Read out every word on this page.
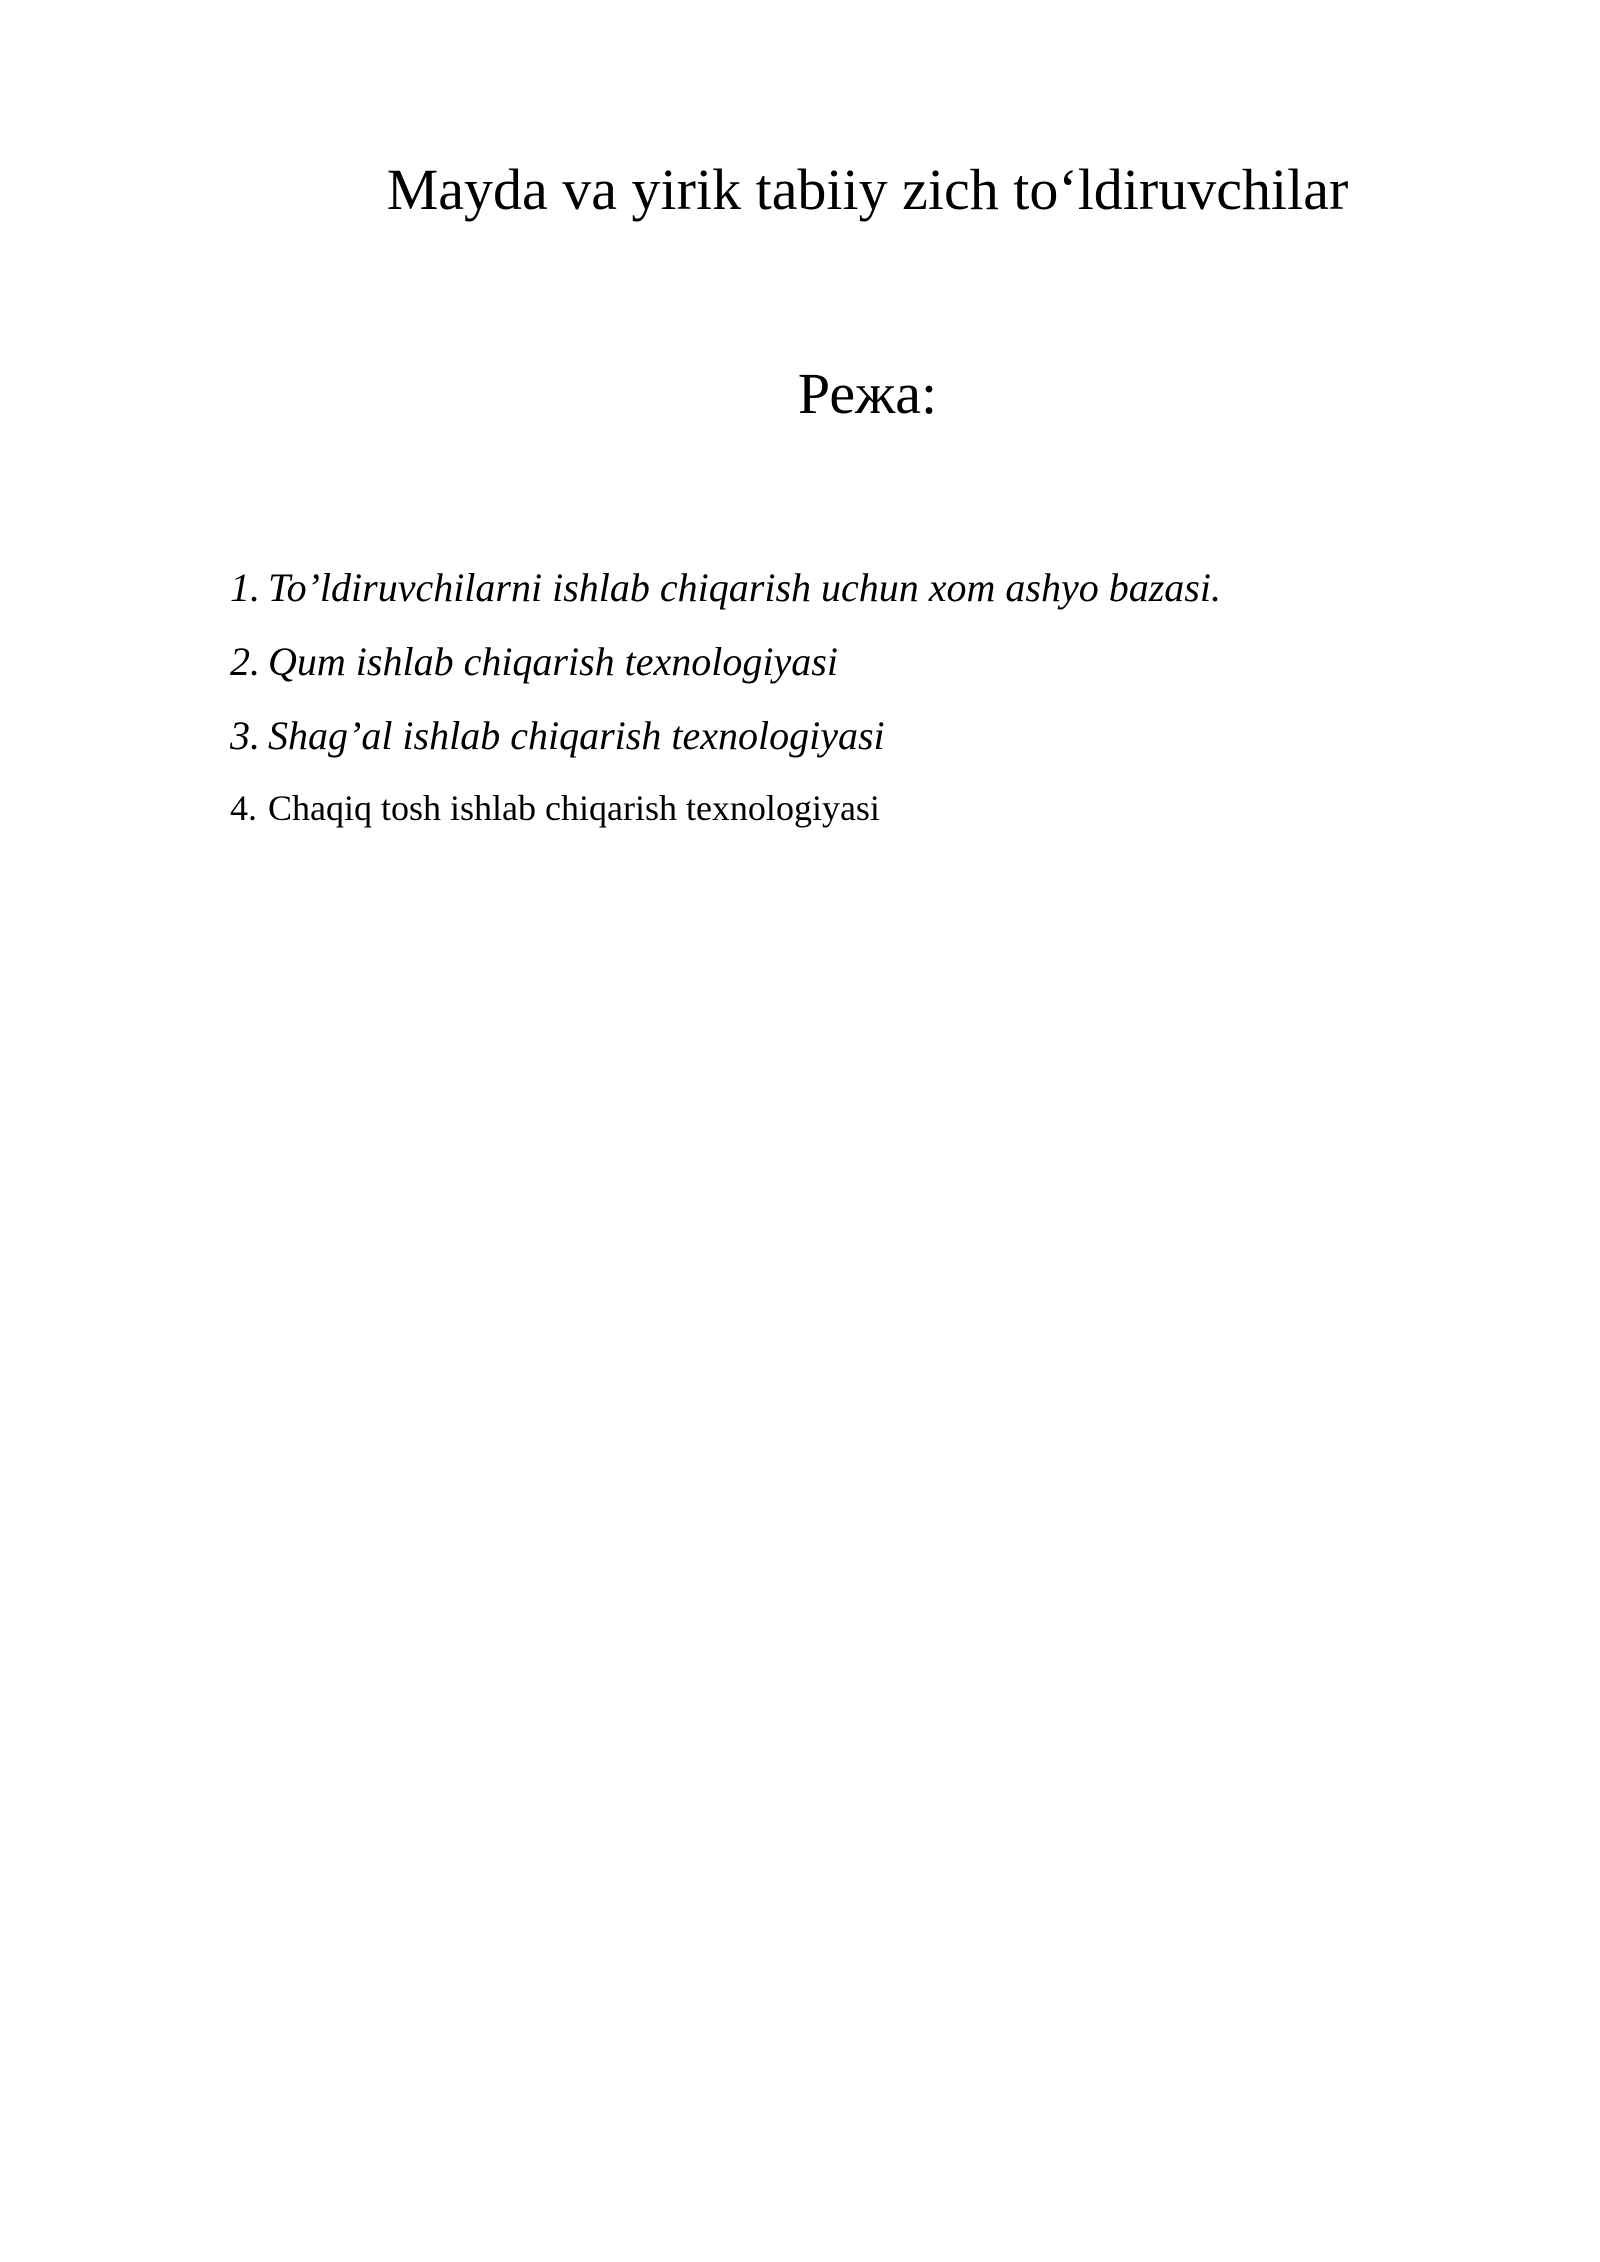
Mayda va yirik tabiiy zich to‘ldiruvchilar
Режа:
1. To’ldiruvchilarni ishlab chiqarish uchun xom ashyo bazasi.
2. Qum ishlab chiqarish texnologiyasi
3. Shag’al ishlab chiqarish texnologiyasi
4. Chaqiq tosh ishlab chiqarish texnologiyasi
